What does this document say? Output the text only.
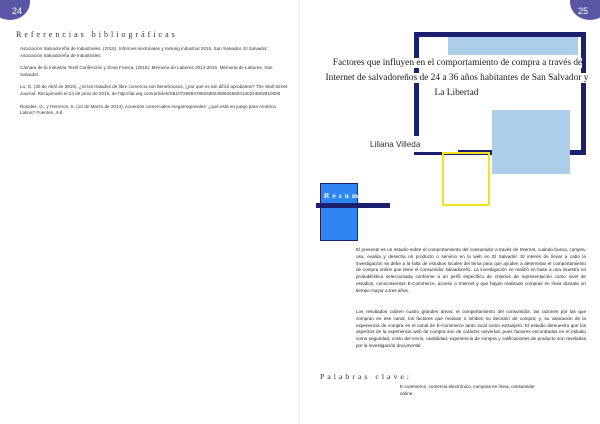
24
Referencias bibliográficas
Asociación Salvadoreña de Industriales. (2016). Informes sectoriales y ranking industrial 2015. San Salvador, El Salvador: Asociación Salvadoreña de Industriales.
Cámara de la Industria Textil Confección y Zona Franca. (2015). Memoria de Labores 2014-2015. Memoria de Labores, San Salvador.
Lo, G. (30 de Abril de 2015). ¿Si los tratados de libre comercio son beneficiosos, ¿por qué es tan difícil aprobarlos? The Wall Street Journal. Recuperado el 24 de junio de 2015, de http://lat.wsj.com/articles/SB10728864788033824805045804130224802910006
Rosales, O., y Herreros, S. (13 de Marzo de 2014). Acuerdos comerciales megarregionales: ¿qué está en juego para América Latina? Fuentes, 4-8.
25
Factores que influyen en el comportamiento de compra a través de Internet de salvadoreños de 24 a 36 años habitantes de San Salvador y La Libertad
Liliana Villeda
Resumen
El presente es un estudio sobre el comportamiento del consumidor a través de Internet, cuándo busca, compra, usa, evalúa y desecha un producto o servicio en la web en El Salvador. El interés de llevar a cabo la investigación se debe a la falta de estudios locales del tema para que ayuden a determinar el comportamiento de compra online que tiene el consumidor salvadoreño. La investigación se realizó en base a una muestra no probabilística seleccionada conforme a un perfil específico de criterios de representación como nivel de estudios, conocimientos E-Commerce, acceso a Internet y que hayan realizado compras en línea durante un tiempo mayor a tres años.
Los resultados cubren cuatro grandes áreas: el comportamiento del consumidor, las razones por las que compran en ese canal, los factores que motivan o inhiben su decisión de compra; y, su valoración de la experiencia de compra en el canal de E-Commerce tanto local como extranjero. El estudio demuestra que los aspectos de la experiencia web de compra son de carácter universal, pues factores encontrados en el estudio como seguridad, costo del envío, usabilidad, experiencia de compra y calificaciones de producto son revelados por la investigación documental.
Palabras clave:
E-commerce, comercio electrónico, compras en línea, consumidor online.
